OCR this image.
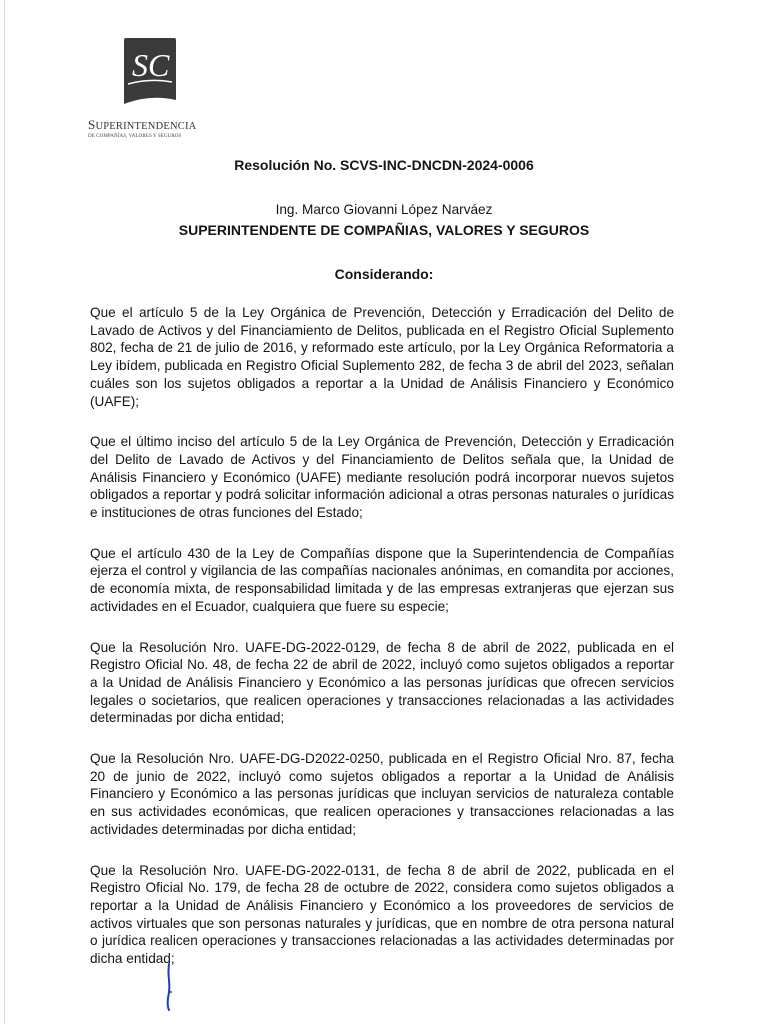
SC
SUPERINTENDENCIA
DE COMPAÑÍAS, VALORES Y SEGUROS
Resolución No. SCVS-INC-DNCDN-2024-0006
Ing. Marco Giovanni López Narváez
SUPERINTENDENTE DE COMPAÑIAS, VALORES Y SEGUROS
Considerando:

Que el artículo 5 de la Ley Orgánica de Prevención, Detección y Erradicación del Delito de Lavado de Activos y del Financiamiento de Delitos, publicada en el Registro Oficial Suplemento 802, fecha de 21 de julio de 2016, y reformado este artículo, por la Ley Orgánica Reformatoria a Ley ibídem, publicada en Registro Oficial Suplemento 282, de fecha 3 de abril del 2023, señalan cuáles son los sujetos obligados a reportar a la Unidad de Análisis Financiero y Económico (UAFE);

Que el último inciso del artículo 5 de la Ley Orgánica de Prevención, Detección y Erradicación del Delito de Lavado de Activos y del Financiamiento de Delitos señala que, la Unidad de Análisis Financiero y Económico (UAFE) mediante resolución podrá incorporar nuevos sujetos obligados a reportar y podrá solicitar información adicional a otras personas naturales o jurídicas e instituciones de otras funciones del Estado;

Que el artículo 430 de la Ley de Compañías dispone que la Superintendencia de Compañías ejerza el control y vigilancia de las compañías nacionales anónimas, en comandita por acciones, de economía mixta, de responsabilidad limitada y de las empresas extranjeras que ejerzan sus actividades en el Ecuador, cualquiera que fuere su especie;

Que la Resolución Nro. UAFE-DG-2022-0129, de fecha 8 de abril de 2022, publicada en el Registro Oficial No. 48, de fecha 22 de abril de 2022, incluyó como sujetos obligados a reportar a la Unidad de Análisis Financiero y Económico a las personas jurídicas que ofrecen servicios legales o societarios, que realicen operaciones y transacciones relacionadas a las actividades determinadas por dicha entidad;

Que la Resolución Nro. UAFE-DG-D2022-0250, publicada en el Registro Oficial Nro. 87, fecha 20 de junio de 2022, incluyó como sujetos obligados a reportar a la Unidad de Análisis Financiero y Económico a las personas jurídicas que incluyan servicios de naturaleza contable en sus actividades económicas, que realicen operaciones y transacciones relacionadas a las actividades determinadas por dicha entidad;

Que la Resolución Nro. UAFE-DG-2022-0131, de fecha 8 de abril de 2022, publicada en el Registro Oficial No. 179, de fecha 28 de octubre de 2022, considera como sujetos obligados a reportar a la Unidad de Análisis Financiero y Económico a los proveedores de servicios de activos virtuales que son personas naturales y jurídicas, que en nombre de otra persona natural o jurídica realicen operaciones y transacciones relacionadas a las actividades determinadas por dicha entidad;
